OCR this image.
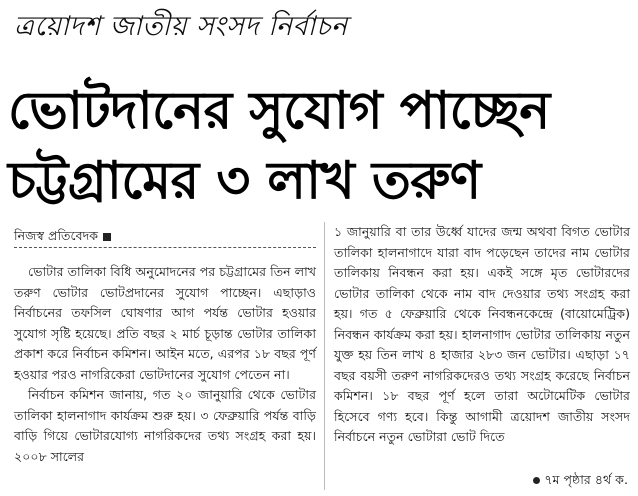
ত্রয়োদশ জাতীয় সংসদ নির্বাচন
ভোটদানের সুযোগ পাচ্ছেন
চট্টগ্রামের ৩ লাখ তরুণ
নিজস্ব প্রতিবেদক

ভোটার তালিকা বিধি অনুমোদনের পর চট্টগ্রামের তিন লাখ তরুণ ভোটার ভোটপ্রদানের সুযোগ পাচ্ছেন। এছাড়াও নির্বাচনের তফসিল ঘোষণার আগ পর্যন্ত ভোটার হওয়ার সুযোগ সৃষ্টি হয়েছে। প্রতি বছর ২ মার্চ চূড়ান্ত ভোটার তালিকা প্রকাশ করে নির্বাচন কমিশন। আইন মতে, এরপর ১৮ বছর পূর্ণ হওয়ার পরও নাগরিকেরা ভোটদানের সুযোগ পেতেন না।

নির্বাচন কমিশন জানায়, গত ২০ জানুয়ারি থেকে ভোটার তালিকা হালনাগাদ কার্যক্রম শুরু হয়। ৩ ফেব্রুয়ারি পর্যন্ত বাড়ি বাড়ি গিয়ে ভোটারযোগ্য নাগরিকদের তথ্য সংগ্রহ করা হয়। ২০০৮ সালের

১ জানুয়ারি বা তার উর্ধ্বে যাদের জন্ম অথবা বিগত ভোটার তালিকা হালনাগাদে যারা বাদ পড়েছেন তাদের নাম ভোটার তালিকায় নিবন্ধন করা হয়। একই সঙ্গে মৃত ভোটারদের ভোটার তালিকা থেকে নাম বাদ দেওয়ার তথ্য সংগ্রহ করা হয়। গত ৫ ফেব্রুয়ারি থেকে নিবন্ধনকেন্দ্রে (বায়োমেট্রিক) নিবন্ধন কার্যক্রম করা হয়। হালনাগাদ ভোটার তালিকায় নতুন যুক্ত হয় তিন লাখ ৪ হাজার ২৮৩ জন ভোটার। এছাড়া ১৭ বছর বয়সী তরুণ নাগরিকদেরও তথ্য সংগ্রহ করেছে নির্বাচন কমিশন। ১৮ বছর পূর্ণ হলে তারা অটোমেটিক ভোটার হিসেবে গণ্য হবে। কিন্তু আগামী ত্রয়োদশ জাতীয় সংসদ নির্বাচনে নতুন ভোটারা ভোট দিতে

৭ম পৃষ্ঠার ৪র্থ ক.
